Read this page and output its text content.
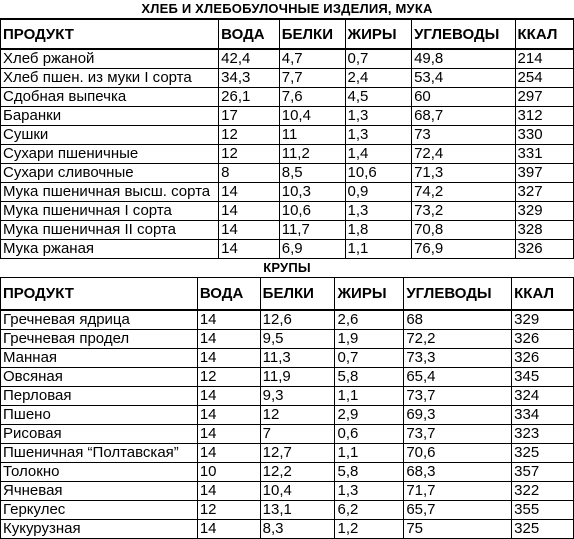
ХЛЕБ И ХЛЕБОБУЛОЧНЫЕ ИЗДЕЛИЯ, МУКА
ПРОДУКТ	ВОДА	БЕЛКИ	ЖИРЫ	УГЛЕВОДЫ	ККАЛ
Хлеб ржаной	42,4	4,7	0,7	49,8	214
Хлеб пшен. из муки I сорта	34,3	7,7	2,4	53,4	254
Сдобная выпечка	26,1	7,6	4,5	60	297
Баранки	17	10,4	1,3	68,7	312
Сушки	12	11	1,3	73	330
Сухари пшеничные	12	11,2	1,4	72,4	331
Сухари сливочные	8	8,5	10,6	71,3	397
Мука пшеничная высш. сорта	14	10,3	0,9	74,2	327
Мука пшеничная I сорта	14	10,6	1,3	73,2	329
Мука пшеничная II сорта	14	11,7	1,8	70,8	328
Мука ржаная	14	6,9	1,1	76,9	326
КРУПЫ
ПРОДУКТ	ВОДА	БЕЛКИ	ЖИРЫ	УГЛЕВОДЫ	ККАЛ
Гречневая ядрица	14	12,6	2,6	68	329
Гречневая продел	14	9,5	1,9	72,2	326
Манная	14	11,3	0,7	73,3	326
Овсяная	12	11,9	5,8	65,4	345
Перловая	14	9,3	1,1	73,7	324
Пшено	14	12	2,9	69,3	334
Рисовая	14	7	0,6	73,7	323
Пшеничная “Полтавская”	14	12,7	1,1	70,6	325
Толокно	10	12,2	5,8	68,3	357
Ячневая	14	10,4	1,3	71,7	322
Геркулес	12	13,1	6,2	65,7	355
Кукурузная	14	8,3	1,2	75	325
